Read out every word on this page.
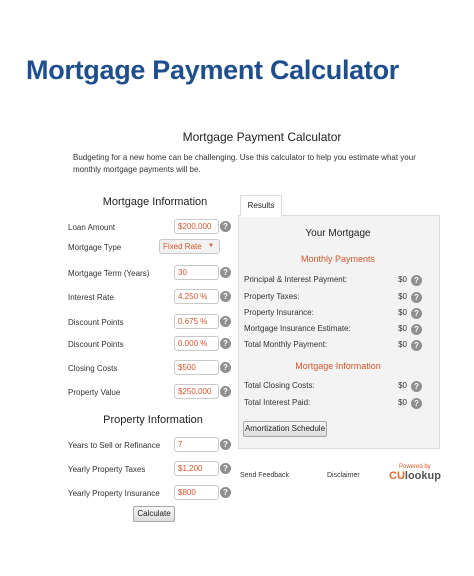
Mortgage Payment Calculator
Mortgage Payment Calculator
Budgeting for a new home can be challenging. Use this calculator to help you estimate what your monthly mortgage payments will be.
Mortgage Information
Loan Amount	$200,000	?
Mortgage Type	Fixed Rate ▼
Mortgage Term (Years)	30	?
Interest Rate	4.250 %	?
Discount Points	0.675 %	?
Discount Points	0.000 %	?
Closing Costs	$500	?
Property Value	$250,000	?
Property Information
Years to Sell or Refinance	7	?
Yearly Property Taxes	$1,200	?
Yearly Property Insurance	$800	?
Calculate
Results
Your Mortgage
Monthly Payments
Principal & Interest Payment:	$0 ?
Property Taxes:	$0 ?
Property Insurance:	$0 ?
Mortgage Insurance Estimate:	$0 ?
Total Monthly Payment:	$0 ?
Mortgage Information
Total Closing Costs:	$0 ?
Total Interest Paid:	$0 ?
Amortization Schedule
Send Feedback	Disclaimer
Powered by
CUlookup
